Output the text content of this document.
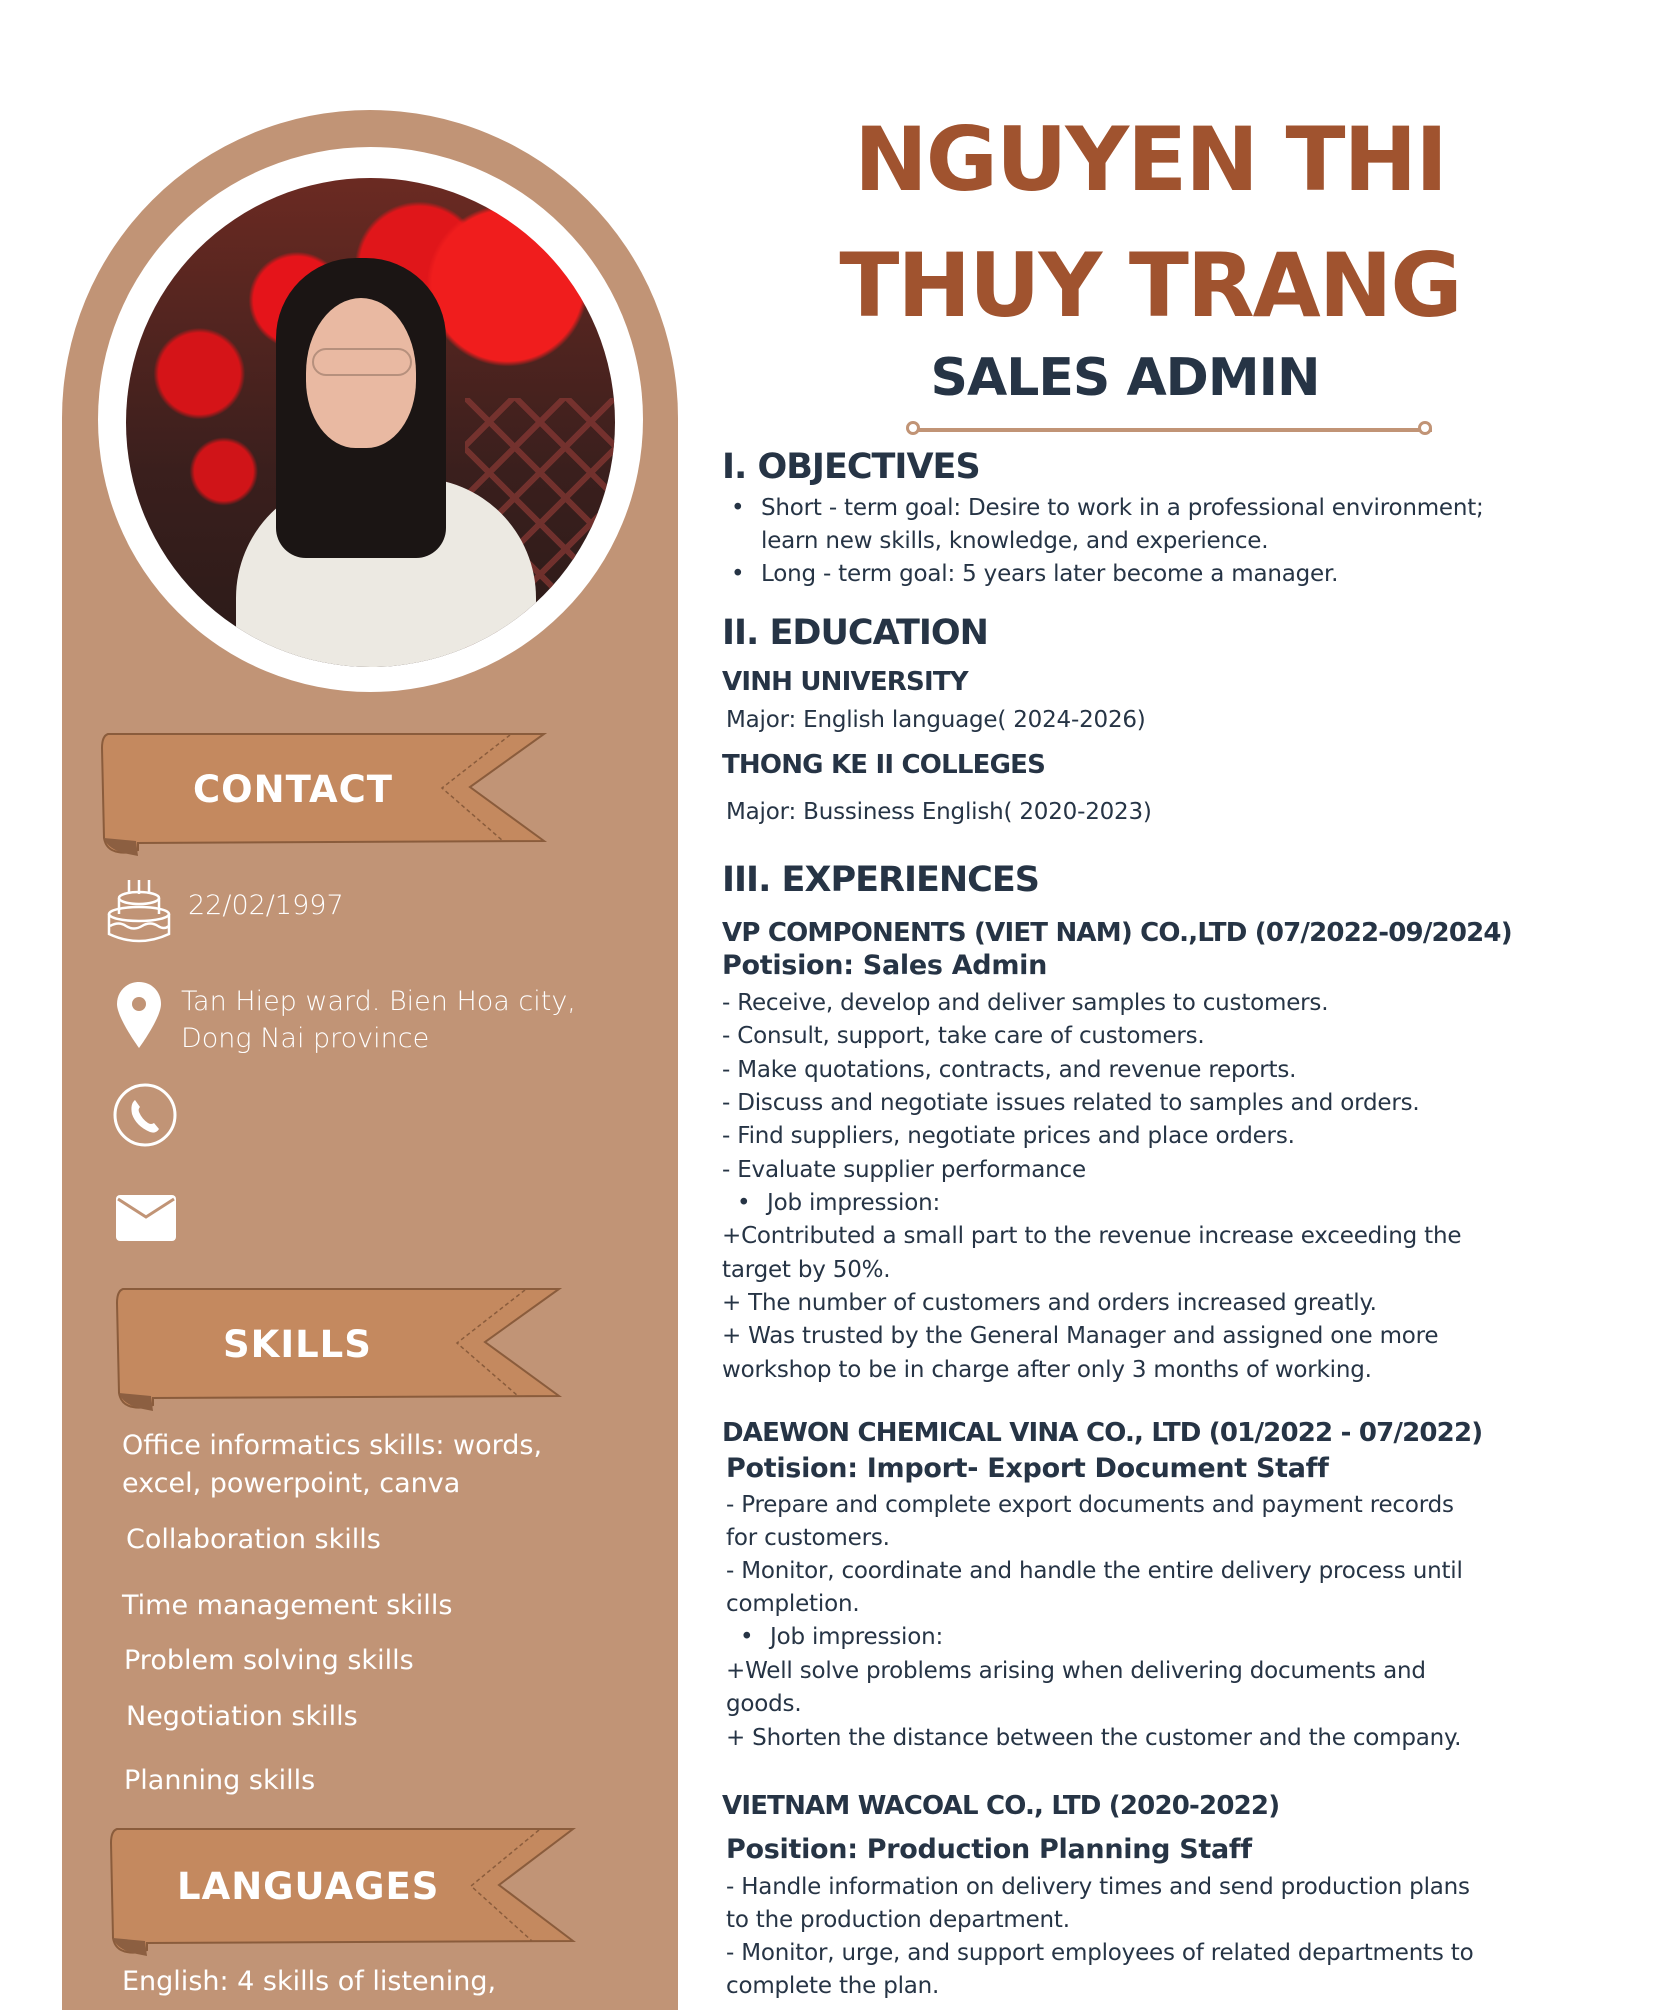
CONTACT
22/02/1997
Tan Hiep ward. Bien Hoa city,
Dong Nai province
SKILLS
Office informatics skills: words,
excel, powerpoint, canva
Collaboration skills
Time management skills
Problem solving skills
Negotiation skills
Planning skills
LANGUAGES
English: 4 skills of listening,
NGUYEN THI
THUY TRANG
SALES ADMIN
I. OBJECTIVES
• Short - term goal: Desire to work in a professional environment;
learn new skills, knowledge, and experience.
• Long - term goal: 5 years later become a manager.
II. EDUCATION
VINH UNIVERSITY
Major: English language( 2024-2026)
THONG KE II COLLEGES
Major: Bussiness English( 2020-2023)
III. EXPERIENCES
VP COMPONENTS (VIET NAM) CO.,LTD (07/2022-09/2024)
Potision: Sales Admin
- Receive, develop and deliver samples to customers.
- Consult, support, take care of customers.
- Make quotations, contracts, and revenue reports.
- Discuss and negotiate issues related to samples and orders.
- Find suppliers, negotiate prices and place orders.
- Evaluate supplier performance
• Job impression:
+Contributed a small part to the revenue increase exceeding the
target by 50%.
+ The number of customers and orders increased greatly.
+ Was trusted by the General Manager and assigned one more
workshop to be in charge after only 3 months of working.
DAEWON CHEMICAL VINA CO., LTD (01/2022 - 07/2022)
Potision: Import- Export Document Staff
- Prepare and complete export documents and payment records
for customers.
- Monitor, coordinate and handle the entire delivery process until
completion.
• Job impression:
+Well solve problems arising when delivering documents and
goods.
+ Shorten the distance between the customer and the company.
VIETNAM WACOAL CO., LTD (2020-2022)
Position: Production Planning Staff
- Handle information on delivery times and send production plans
to the production department.
- Monitor, urge, and support employees of related departments to
complete the plan.
